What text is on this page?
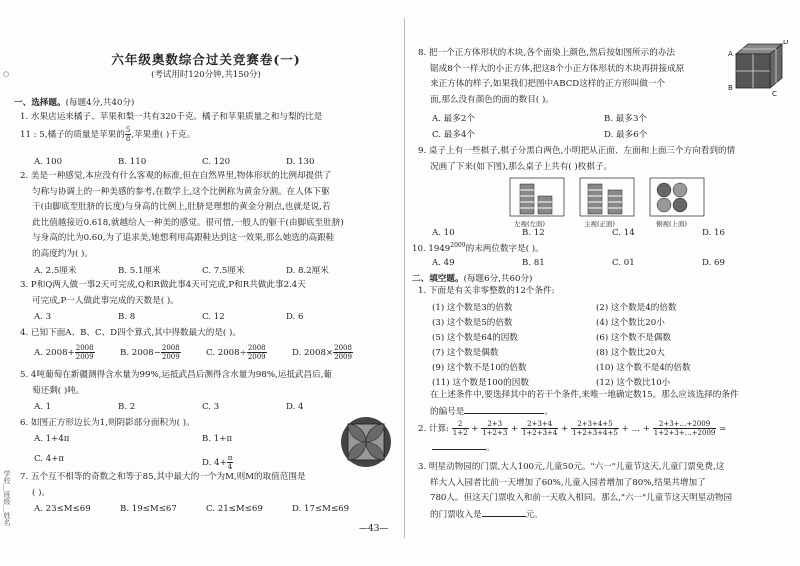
○
学校__班级__姓名
六年级奥数综合过关竞赛卷(一)
(考试用时120分钟,共150分)
一、选择题。(每题4分,共40分)
1. 水果店运来橘子、苹果和梨一共有320千克。橘子和苹果质量之和与梨的比是
11 : 5,橘子的质量是苹果的 $\frac{5}{8}$ ,苹果重( )千克。
A. 100	B. 110	C. 120	D. 130
2. 美是一种感觉,本应没有什么客观的标准,但在自然界里,物体形状的比例却提供了
匀称与协调上的一种美感的参考,在数学上,这个比例称为黄金分割。在人体下躯
干(由脚底至肚脐的长度)与身高的比例上,肚脐是理想的黄金分割点,也就是说,若
此比值越接近0.618,就越给人一种美的感觉。很可惜,一般人的躯干(由脚底至肚脐)
与身高的比为0.60,为了追求美,她想利用高跟鞋达到这一效果,那么她选的高跟鞋
的高度约为( )。
A. 2.5厘米	B. 5.1厘米	C. 7.5厘米	D. 8.2厘米
3. P和Q两人做一事2天可完成,Q和R做此事4天可完成,P和R共做此事2.4天
可完成,P一人做此事完成的天数是( )。
A. 3	B. 8	C. 12	D. 6
4. 已知下面A、B、C、D四个算式,其中得数最大的是( )。
A. $2008+ \frac{2008}{2009}$	B. $2008- \frac{2008}{2009}$	C. $2008\div \frac{2008}{2009}$	D. $2008\times \frac{2008}{2009}$
5. 4吨葡萄在新疆测得含水量为99%,运抵武昌后测得含水量为98%,运抵武昌后,葡
萄还剩( )吨。
A. 1	B. 2	C. 3	D. 4
6. 如图正方形边长为1,则阴影部分面积为( )。
A. 1+4π	B. 1+π
C. 4+π	D. $4+ \frac{\pi}{4}$
7. 五个互不相等的奇数之和等于85,其中最大的一个为M,则M的取值范围是
( )。
A. 23≤M≤69	B. 19≤M≤67	C. 21≤M≤69	D. 17≤M≤69
—43—
8. 把一个正方体形状的木块,各个面染上颜色,然后按如图所示的办法
锯成8个一样大的小正方体,把这8个小正方体形状的木块再拼接成原
来正方体的样子,如果我们把图中ABCD这样的正方形叫做一个
面,那么没有颜色的面的数目( )。
A
B
C
D
A. 最多2个	B. 最多3个
C. 最多4个	D. 最多6个
9. 桌子上有一些棋子,棋子分黑白两色,小明把从正面、左面和上面三个方向看到的情
况画了下来(如下图),那么桌子上共有( )枚棋子。
左视(左面)	主视(正面)	俯视(上面)
A. 10	B. 12	C. 14	D. 16
10. $1949^{2009}$的末两位数字是( )。
A. 49	B. 81	C. 01	D. 69
二、填空题。(每题6分,共60分)
1. 下面是有关非零整数的12个条件:
(1) 这个数是3的倍数	(2) 这个数是4的倍数
(3) 这个数是5的倍数	(4) 这个数比20小
(5) 这个数是64的因数	(6) 这个数不是偶数
(7) 这个数是偶数	(8) 这个数比20大
(9) 这个数不是10的倍数	(10) 这个数不是4的倍数
(11) 这个数是100的因数	(12) 这个数比10小
在上述条件中,要选择其中的若干个条件,来唯一地确定数15。那么应该选择的条件
的编号是	。
2. 计算: $\frac{2}{1+2} + \frac{2+3}{1+2+3} + \frac{2+3+4}{1+2+3+4} + \frac{2+3+4+5}{1+2+3+4+5}$ + … + $\frac{2+3+\dots+2009}{1+2+3+\dots+2009}$ =
。
3. 明星动物园的门票,大人100元,儿童50元。"六一"儿童节这天,儿童门票免费,这
样大人入园者比前一天增加了60%,儿童入园者增加了80%,结果共增加了
780人。但这天门票收入和前一天收入相同。那么,"六一"儿童节这天明星动物园
的门票收入是	元。
